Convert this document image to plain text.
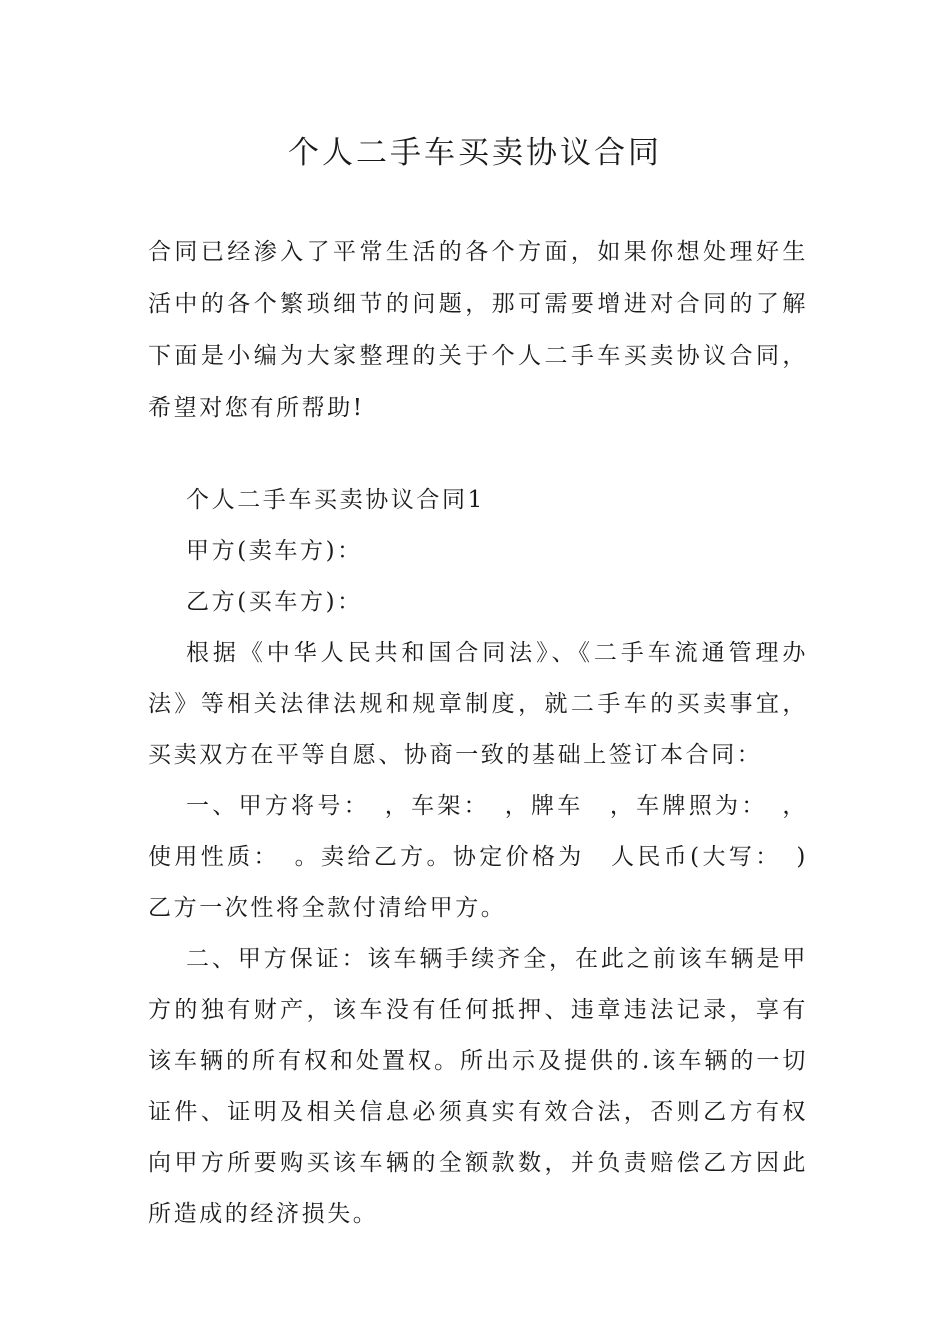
个人二手车买卖协议合同

合同已经渗入了平常生活的各个方面，如果你想处理好生活中的各个繁琐细节的问题，那可需要增进对合同的了解下面是小编为大家整理的关于个人二手车买卖协议合同，希望对您有所帮助!

个人二手车买卖协议合同1

甲方(卖车方)：

乙方(买车方)：

根据《中华人民共和国合同法》、《二手车流通管理办法》等相关法律法规和规章制度，就二手车的买卖事宜，买卖双方在平等自愿、协商一致的基础上签订本合同：

一、甲方将号：　，车架：　，牌车　，车牌照为：　，使用性质：　。卖给乙方。协定价格为　人民币(大写：　)乙方一次性将全款付清给甲方。

二、甲方保证：该车辆手续齐全，在此之前该车辆是甲方的独有财产，该车没有任何抵押、违章违法记录，享有该车辆的所有权和处置权。所出示及提供的.该车辆的一切证件、证明及相关信息必须真实有效合法，否则乙方有权向甲方所要购买该车辆的全额款数，并负责赔偿乙方因此所造成的经济损失。
